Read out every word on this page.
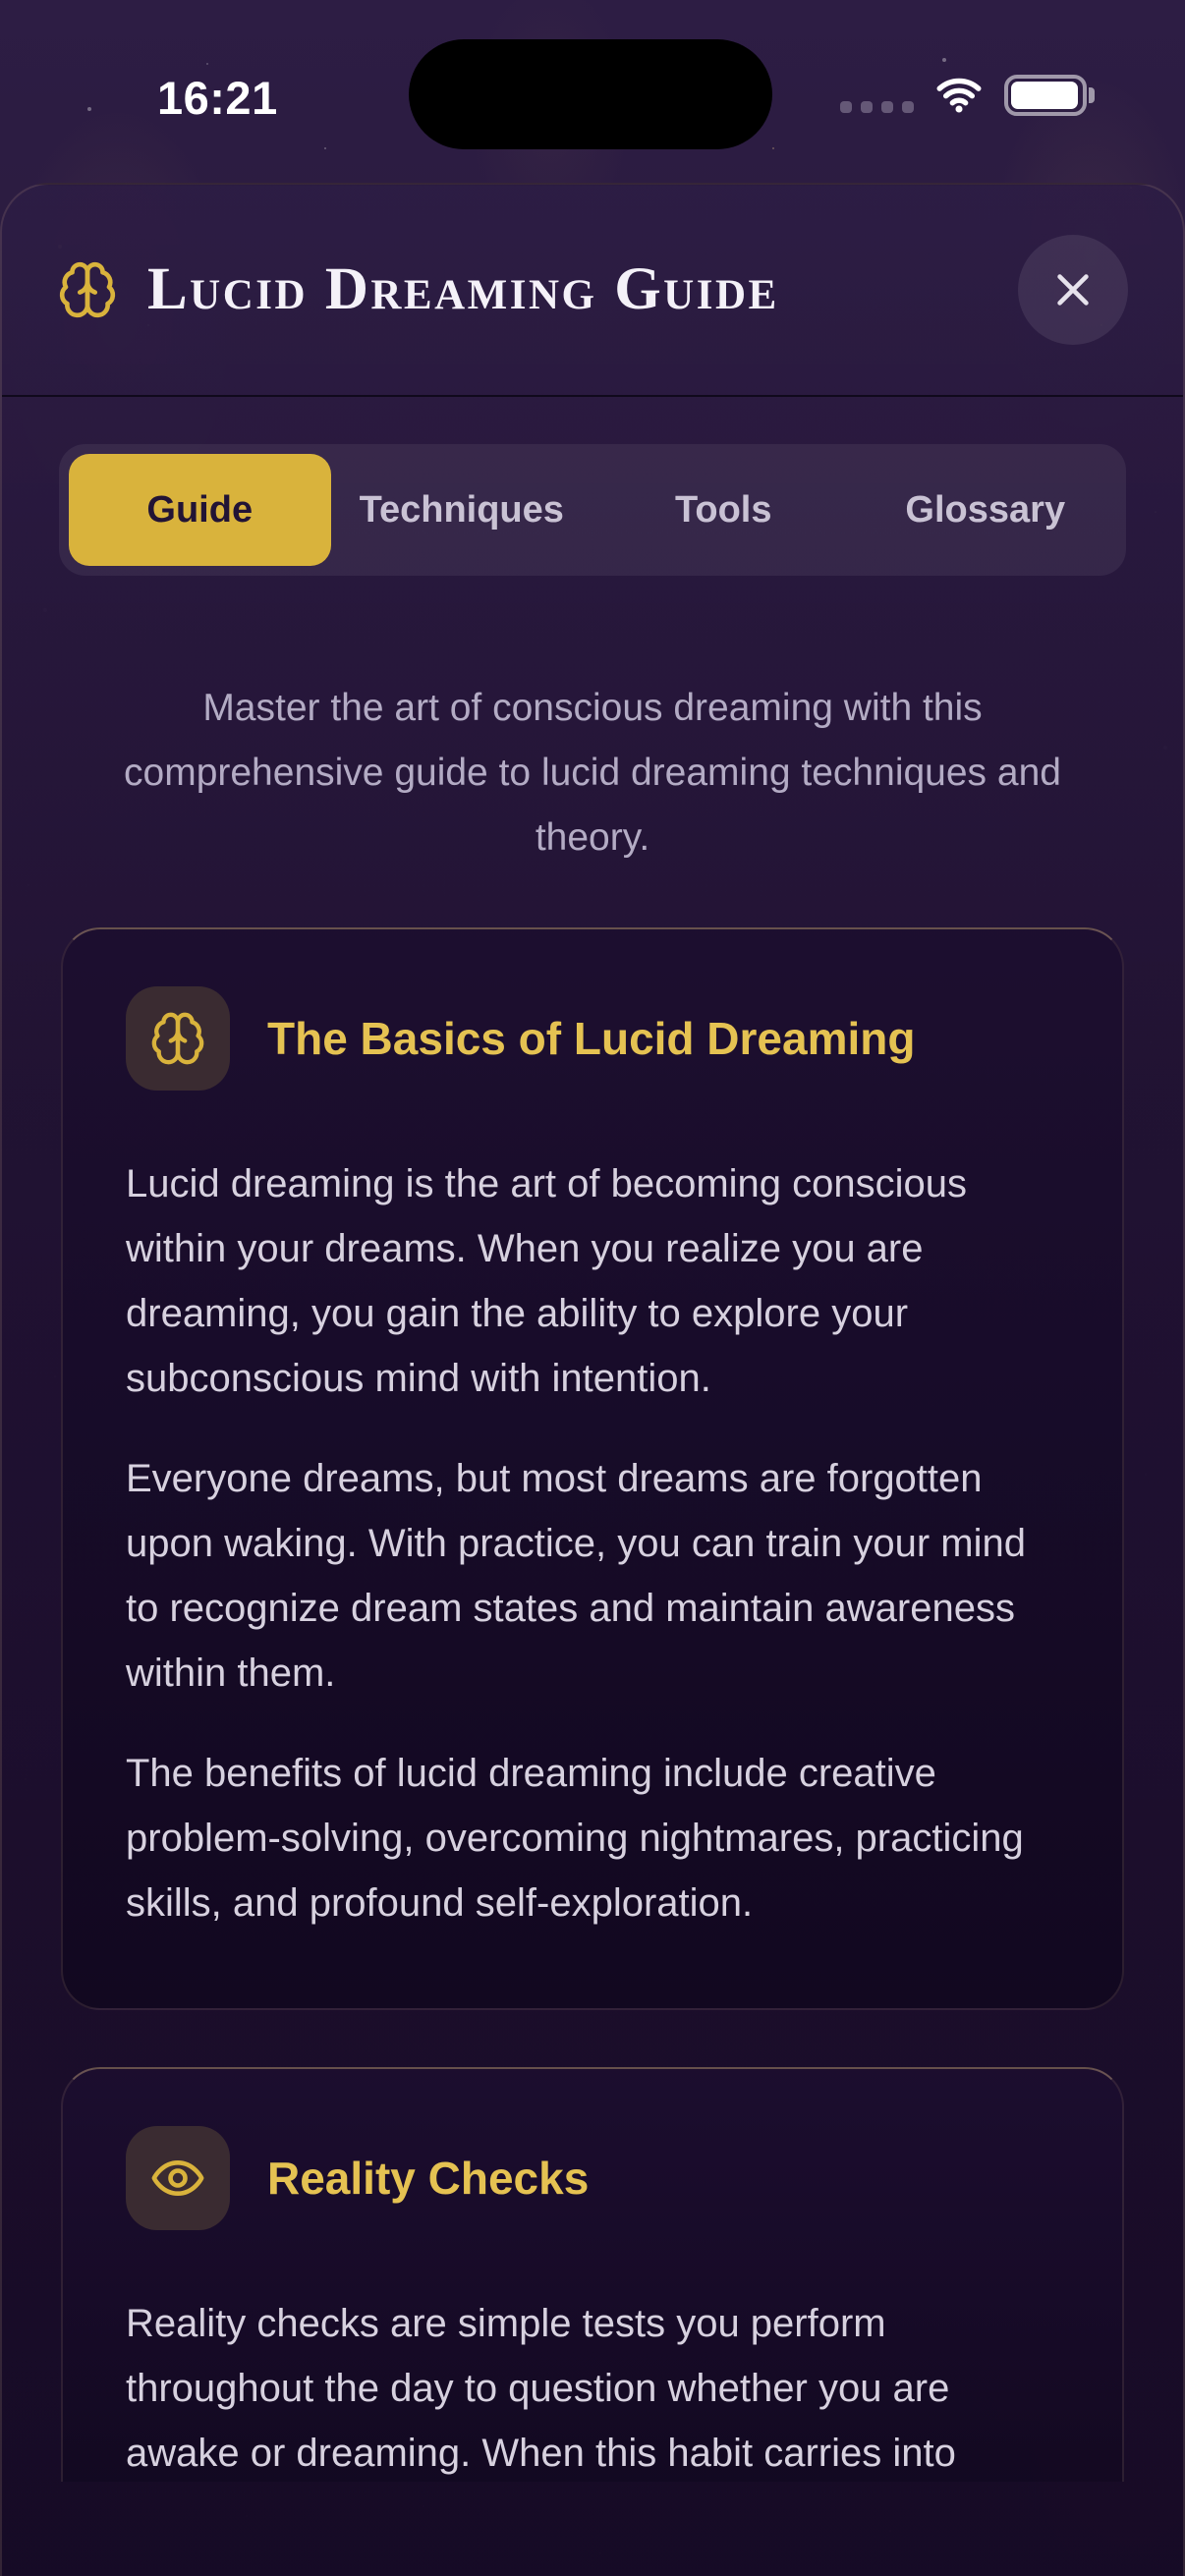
16:21
Lucid Dreaming Guide
Guide	Techniques	Tools	Glossary
Master the art of conscious dreaming with this comprehensive guide to lucid dreaming techniques and theory.
The Basics of Lucid Dreaming

Lucid dreaming is the art of becoming conscious within your dreams. When you realize you are dreaming, you gain the ability to explore your subconscious mind with intention.

Everyone dreams, but most dreams are forgotten upon waking. With practice, you can train your mind to recognize dream states and maintain awareness within them.

The benefits of lucid dreaming include creative problem-solving, overcoming nightmares, practicing skills, and profound self-exploration.

Reality Checks

Reality checks are simple tests you perform throughout the day to question whether you are awake or dreaming. When this habit carries into
